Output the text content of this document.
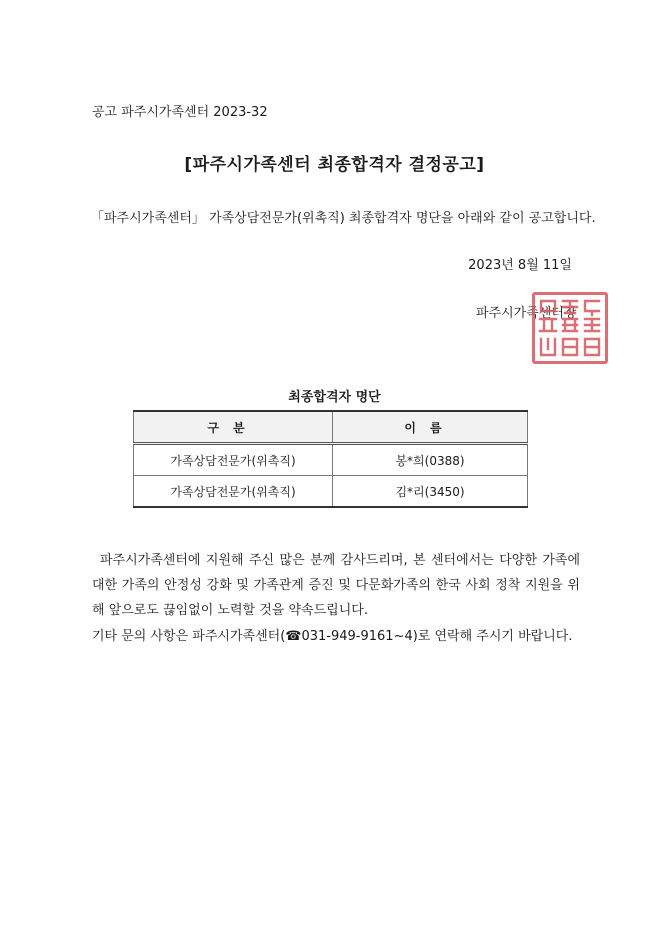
공고 파주시가족센터 2023-32
[파주시가족센터 최종합격자 결정공고]
「파주시가족센터」 가족상담전문가(위촉직) 최종합격자 명단을 아래와 같이 공고합니다.
2023년 8월 11일
파주시가족센터장
최종합격자 명단
구분	이름
가족상담전문가(위촉직)	봉*희(0388)
가족상담전문가(위촉직)	김*리(3450)

파주시가족센터에 지원해 주신 많은 분께 감사드리며, 본 센터에서는 다양한 가족에 대한 가족의 안정성 강화 및 가족관계 증진 및 다문화가족의 한국 사회 정착 지원을 위해 앞으로도 끊임없이 노력할 것을 약속드립니다.

기타 문의 사항은 파주시가족센터(☎031-949-9161~4)로 연락해 주시기 바랍니다.
